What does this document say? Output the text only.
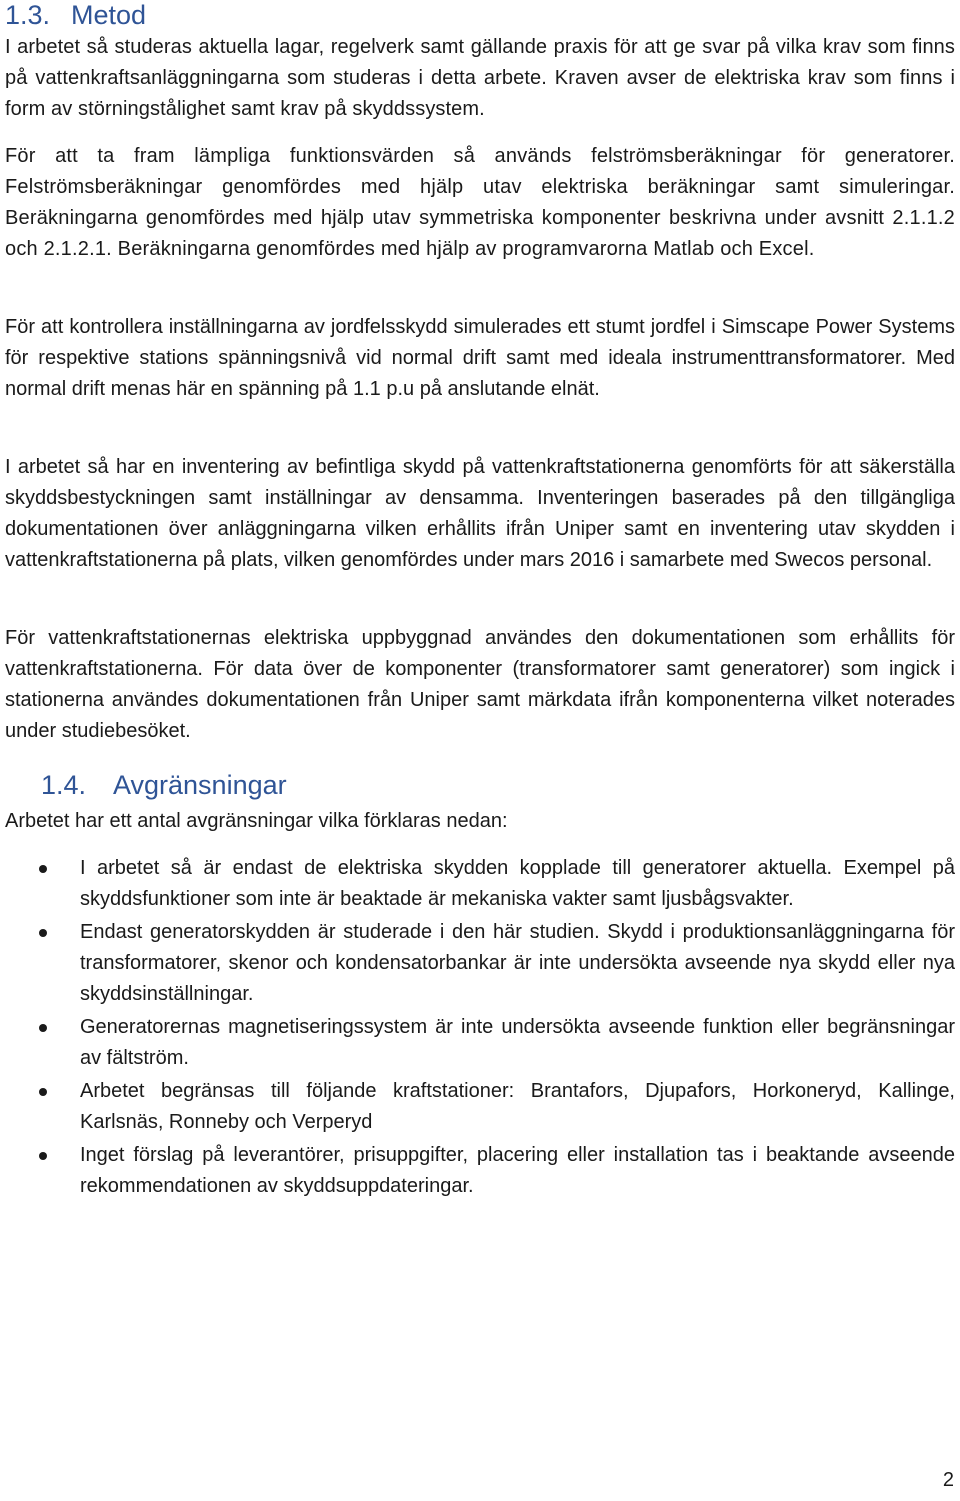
1.3. Metod

I arbetet så studeras aktuella lagar, regelverk samt gällande praxis för att ge svar på vilka krav som finns på vattenkraftsanläggningarna som studeras i detta arbete. Kraven avser de elektriska krav som finns i form av störningstålighet samt krav på skyddssystem.

För att ta fram lämpliga funktionsvärden så används felströmsberäkningar för generatorer. Felströmsberäkningar genomfördes med hjälp utav elektriska beräkningar samt simuleringar. Beräkningarna genomfördes med hjälp utav symmetriska komponenter beskrivna under avsnitt 2.1.1.2 och 2.1.2.1. Beräkningarna genomfördes med hjälp av programvarorna Matlab och Excel.

För att kontrollera inställningarna av jordfelsskydd simulerades ett stumt jordfel i Simscape Power Systems för respektive stations spänningsnivå vid normal drift samt med ideala instrumenttransformatorer. Med normal drift menas här en spänning på 1.1 p.u på anslutande elnät.

I arbetet så har en inventering av befintliga skydd på vattenkraftstationerna genomförts för att säkerställa skyddsbestyckningen samt inställningar av densamma. Inventeringen baserades på den tillgängliga dokumentationen över anläggningarna vilken erhållits ifrån Uniper samt en inventering utav skydden i vattenkraftstationerna på plats, vilken genomfördes under mars 2016 i samarbete med Swecos personal.

För vattenkraftstationernas elektriska uppbyggnad användes den dokumentationen som erhållits för vattenkraftstationerna. För data över de komponenter (transformatorer samt generatorer) som ingick i stationerna användes dokumentationen från Uniper samt märkdata ifrån komponenterna vilket noterades under studiebesöket.

1.4. Avgränsningar

Arbetet har ett antal avgränsningar vilka förklaras nedan:

I arbetet så är endast de elektriska skydden kopplade till generatorer aktuella. Exempel på skyddsfunktioner som inte är beaktade är mekaniska vakter samt ljusbågsvakter.
Endast generatorskydden är studerade i den här studien. Skydd i produktionsanläggningarna för transformatorer, skenor och kondensatorbankar är inte undersökta avseende nya skydd eller nya skyddsinställningar.
Generatorernas magnetiseringssystem är inte undersökta avseende funktion eller begränsningar av fältström.
Arbetet begränsas till följande kraftstationer: Brantafors, Djupafors, Horkoneryd, Kallinge, Karlsnäs, Ronneby och Verperyd
Inget förslag på leverantörer, prisuppgifter, placering eller installation tas i beaktande avseende rekommendationen av skyddsuppdateringar.
2
